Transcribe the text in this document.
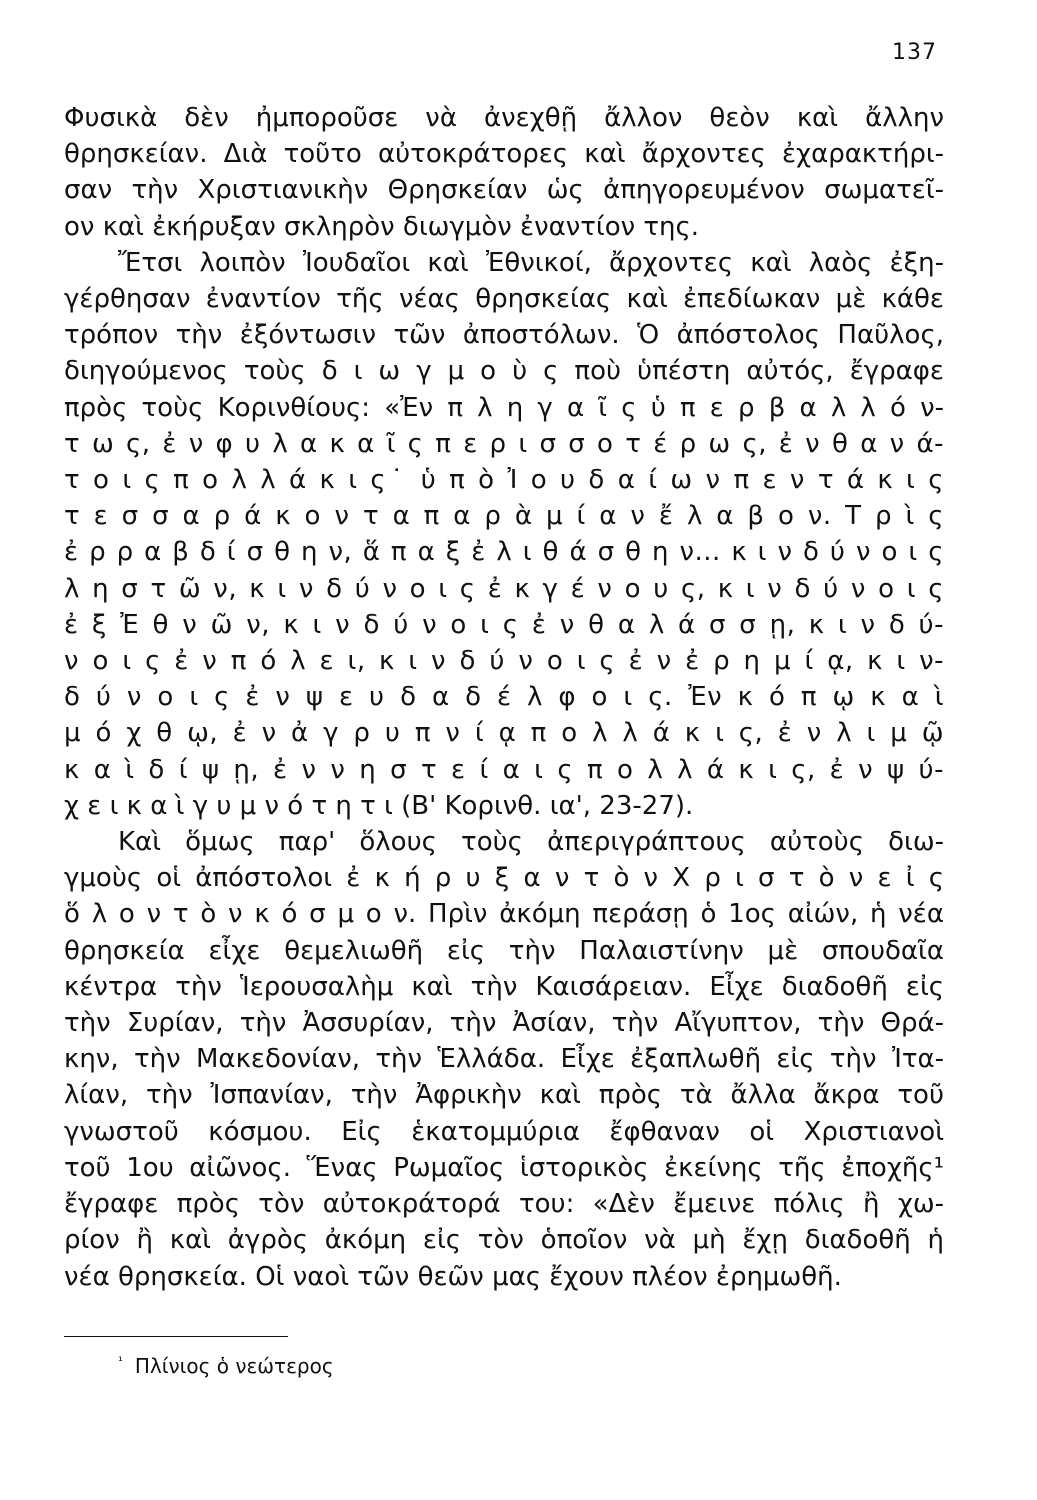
137
Φυσικὰ δὲν ἠμποροῦσε νὰ ἀνεχθῇ ἄλλον θεὸν καὶ ἄλλην
θρησκείαν. Διὰ τοῦτο αὐτοκράτορες καὶ ἄρχοντες ἐχαρακτήρι-
σαν τὴν Χριστιανικὴν Θρησκείαν ὡς ἀπηγορευμένον σωματεῖ-
ον καὶ ἐκήρυξαν σκληρὸν διωγμὸν ἐναντίον της.
Ἔτσι λοιπὸν Ἰουδαῖοι καὶ Ἐθνικοί, ἄρχοντες καὶ λαὸς ἐξη-
γέρθησαν ἐναντίον τῆς νέας θρησκείας καὶ ἐπεδίωκαν μὲ κάθε
τρόπον τὴν ἐξόντωσιν τῶν ἀποστόλων. Ὁ ἀπόστολος Παῦλος,
διηγούμενος τοὺς δ ι ω γ μ ο ὺ ς ποὺ ὑπέστη αὐτός, ἔγραφε
πρὸς τοὺς Κορινθίους: «Ἐν π λ η γ α ῖ ς ὑ π ε ρ β α λ λ ό ν-
τ ω ς, ἐ ν φ υ λ α κ α ῖ ς π ε ρ ι σ σ ο τ έ ρ ω ς, ἐ ν θ α ν ά-
τ ο ι ς π ο λ λ ά κ ι ς˙ ὑ π ὸ Ἰ ο υ δ α ί ω ν π ε ν τ ά κ ι ς
τ ε σ σ α ρ ά κ ο ν τ α π α ρ ὰ μ ί α ν ἔ λ α β ο ν. Τ ρ ὶ ς
ἐ ρ ρ α β δ ί σ θ η ν, ἅ π α ξ ἐ λ ι θ ά σ θ η ν... κ ι ν δ ύ ν ο ι ς
λ η σ τ ῶ ν, κ ι ν δ ύ ν ο ι ς ἐ κ γ έ ν ο υ ς, κ ι ν δ ύ ν ο ι ς
ἐ ξ Ἐ θ ν ῶ ν, κ ι ν δ ύ ν ο ι ς ἐ ν θ α λ ά σ σ ῃ, κ ι ν δ ύ-
ν ο ι ς ἐ ν π ό λ ε ι, κ ι ν δ ύ ν ο ι ς ἐ ν ἐ ρ η μ ί ᾳ, κ ι ν-
δ ύ ν ο ι ς ἐ ν ψ ε υ δ α δ έ λ φ ο ι ς. Ἐν κ ό π ῳ κ α ὶ
μ ό χ θ ῳ, ἐ ν ἀ γ ρ υ π ν ί ᾳ π ο λ λ ά κ ι ς, ἐ ν λ ι μ ῷ
κ α ὶ δ ί ψ ῃ, ἐ ν ν η σ τ ε ί α ι ς π ο λ λ ά κ ι ς, ἐ ν ψ ύ-
χ ε ι κ α ὶ γ υ μ ν ό τ η τ ι (Β' Κορινθ. ια', 23-27).
Καὶ ὅμως παρ' ὅλους τοὺς ἀπεριγράπτους αὐτοὺς διω-
γμοὺς οἱ ἀπόστολοι ἐ κ ή ρ υ ξ α ν τ ὸ ν Χ ρ ι σ τ ὸ ν ε ἰ ς
ὅ λ ο ν τ ὸ ν κ ό σ μ ο ν. Πρὶν ἀκόμη περάσῃ ὁ 1ος αἰών, ἡ νέα
θρησκεία εἶχε θεμελιωθῆ εἰς τὴν Παλαιστίνην μὲ σπουδαῖα
κέντρα τὴν Ἱερουσαλὴμ καὶ τὴν Καισάρειαν. Εἶχε διαδοθῆ εἰς
τὴν Συρίαν, τὴν Ἀσσυρίαν, τὴν Ἀσίαν, τὴν Αἴγυπτον, τὴν Θρά-
κην, τὴν Μακεδονίαν, τὴν Ἑλλάδα. Εἶχε ἐξαπλωθῆ εἰς τὴν Ἰτα-
λίαν, τὴν Ἰσπανίαν, τὴν Ἀφρικὴν καὶ πρὸς τὰ ἄλλα ἄκρα τοῦ
γνωστοῦ κόσμου. Εἰς ἑκατομμύρια ἔφθαναν οἱ Χριστιανοὶ
τοῦ 1ου αἰῶνος. Ἕνας Ρωμαῖος ἱστορικὸς ἐκείνης τῆς ἐποχῆς¹
ἔγραφε πρὸς τὸν αὐτοκράτορά του: «Δὲν ἔμεινε πόλις ἢ χω-
ρίον ἢ καὶ ἀγρὸς ἀκόμη εἰς τὸν ὁποῖον νὰ μὴ ἔχῃ διαδοθῆ ἡ
νέα θρησκεία. Οἱ ναοὶ τῶν θεῶν μας ἔχουν πλέον ἐρημωθῆ.
$^{^1}$ Πλίνιος ὁ νεώτερος
